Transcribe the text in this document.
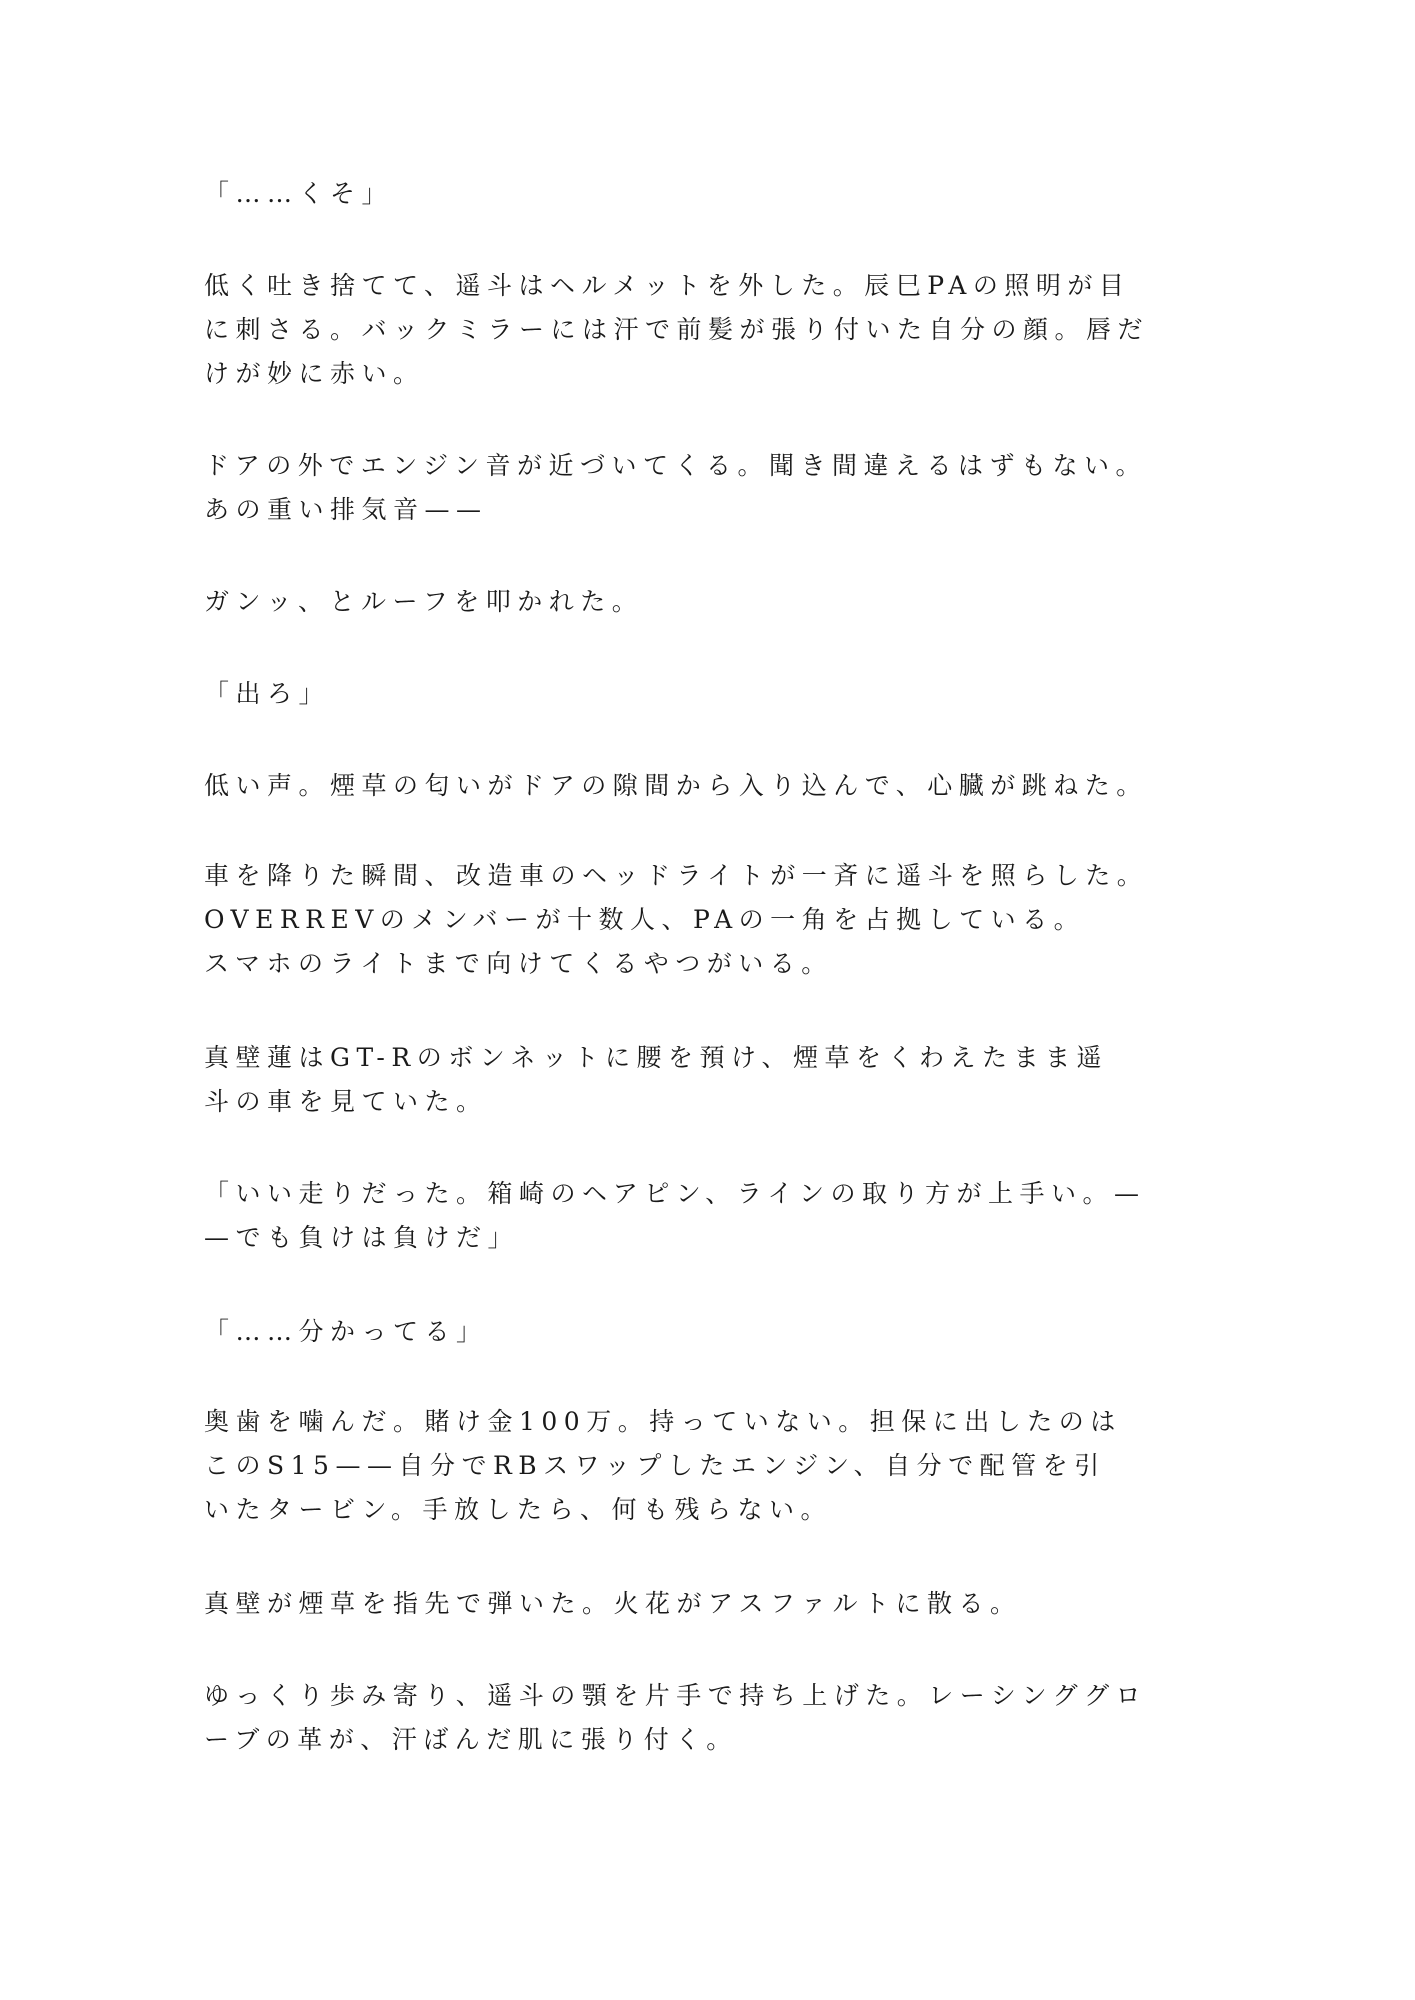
「……くそ」
低く吐き捨てて、遥斗はヘルメットを外した。辰巳PAの照明が目
に刺さる。バックミラーには汗で前髪が張り付いた自分の顔。唇だ
けが妙に赤い。
ドアの外でエンジン音が近づいてくる。聞き間違えるはずもない。
あの重い排気音——
ガンッ、とルーフを叩かれた。
「出ろ」
低い声。煙草の匂いがドアの隙間から入り込んで、心臓が跳ねた。
車を降りた瞬間、改造車のヘッドライトが一斉に遥斗を照らした。
OVERREVのメンバーが十数人、PAの一角を占拠している。
スマホのライトまで向けてくるやつがいる。
真壁蓮はGT-Rのボンネットに腰を預け、煙草をくわえたまま遥
斗の車を見ていた。
「いい走りだった。箱崎のヘアピン、ラインの取り方が上手い。—
—でも負けは負けだ」
「……分かってる」
奥歯を噛んだ。賭け金100万。持っていない。担保に出したのは
このS15——自分でRBスワップしたエンジン、自分で配管を引
いたタービン。手放したら、何も残らない。
真壁が煙草を指先で弾いた。火花がアスファルトに散る。
ゆっくり歩み寄り、遥斗の顎を片手で持ち上げた。レーシンググロ
ーブの革が、汗ばんだ肌に張り付く。
